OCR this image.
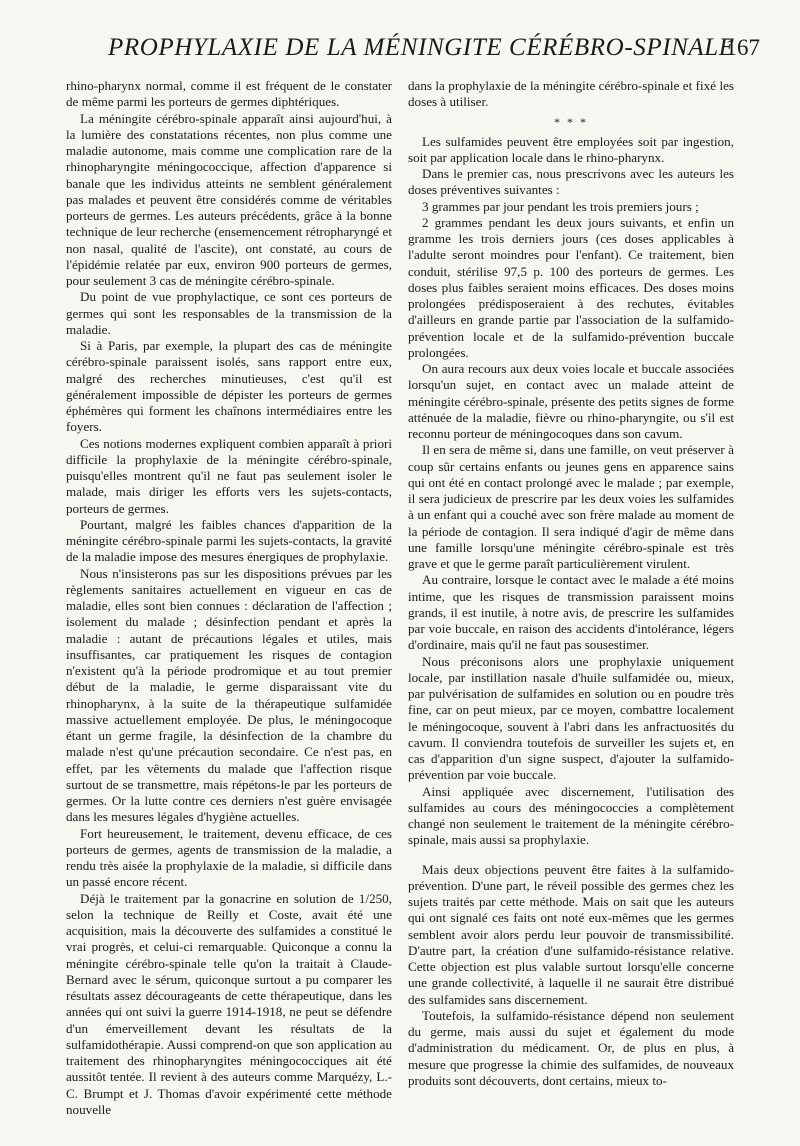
PROPHYLAXIE DE LA MÉNINGITE CÉRÉBRO-SPINALE
167

rhino-pharynx normal, comme il est fréquent de le constater de même parmi les porteurs de germes diphtériques.

La méningite cérébro-spinale apparaît ainsi aujourd'hui, à la lumière des constatations récentes, non plus comme une maladie autonome, mais comme une complication rare de la rhinopharyngite méningococcique, affection d'apparence si banale que les individus atteints ne semblent généralement pas malades et peuvent être considérés comme de véritables porteurs de germes. Les auteurs précédents, grâce à la bonne technique de leur recherche (ensemencement rétropharyngé et non nasal, qualité de l'ascite), ont constaté, au cours de l'épidémie relatée par eux, environ 900 porteurs de germes, pour seulement 3 cas de méningite cérébro-spinale.

Du point de vue prophylactique, ce sont ces porteurs de germes qui sont les responsables de la transmission de la maladie.

Si à Paris, par exemple, la plupart des cas de méningite cérébro-spinale paraissent isolés, sans rapport entre eux, malgré des recherches minutieuses, c'est qu'il est généralement impossible de dépister les porteurs de germes éphémères qui forment les chaînons intermédiaires entre les foyers.

Ces notions modernes expliquent combien apparaît à priori difficile la prophylaxie de la méningite cérébro-spinale, puisqu'elles montrent qu'il ne faut pas seulement isoler le malade, mais diriger les efforts vers les sujets-contacts, porteurs de germes.

Pourtant, malgré les faibles chances d'apparition de la méningite cérébro-spinale parmi les sujets-contacts, la gravité de la maladie impose des mesures énergiques de prophylaxie.

Nous n'insisterons pas sur les dispositions prévues par les règlements sanitaires actuellement en vigueur en cas de maladie, elles sont bien connues : déclaration de l'affection ; isolement du malade ; désinfection pendant et après la maladie : autant de précautions légales et utiles, mais insuffisantes, car pratiquement les risques de contagion n'existent qu'à la période prodromique et au tout premier début de la maladie, le germe disparaissant vite du rhinopharynx, à la suite de la thérapeutique sulfamidée massive actuellement employée. De plus, le méningocoque étant un germe fragile, la désinfection de la chambre du malade n'est qu'une précaution secondaire. Ce n'est pas, en effet, par les vêtements du malade que l'affection risque surtout de se transmettre, mais répétons-le par les porteurs de germes. Or la lutte contre ces derniers n'est guère envisagée dans les mesures légales d'hygiène actuelles.

Fort heureusement, le traitement, devenu efficace, de ces porteurs de germes, agents de transmission de la maladie, a rendu très aisée la prophylaxie de la maladie, si difficile dans un passé encore récent.

Déjà le traitement par la gonacrine en solution de 1/250, selon la technique de Reilly et Coste, avait été une acquisition, mais la découverte des sulfamides a constitué le vrai progrès, et celui-ci remarquable. Quiconque a connu la méningite cérébro-spinale telle qu'on la traitait à Claude-Bernard avec le sérum, quiconque surtout a pu comparer les résultats assez décourageants de cette thérapeutique, dans les années qui ont suivi la guerre 1914-1918, ne peut se défendre d'un émerveillement devant les résultats de la sulfamidothérapie. Aussi comprend-on que son application au traitement des rhinopharyngites méningococciques ait été aussitôt tentée. Il revient à des auteurs comme Marquézy, L.-C. Brumpt et J. Thomas d'avoir expérimenté cette méthode nouvelle

dans la prophylaxie de la méningite cérébro-spinale et fixé les doses à utiliser.

* * *

Les sulfamides peuvent être employées soit par ingestion, soit par application locale dans le rhino-pharynx.

Dans le premier cas, nous prescrivons avec les auteurs les doses préventives suivantes :

3 grammes par jour pendant les trois premiers jours ;

2 grammes pendant les deux jours suivants, et enfin un gramme les trois derniers jours (ces doses applicables à l'adulte seront moindres pour l'enfant). Ce traitement, bien conduit, stérilise 97,5 p. 100 des porteurs de germes. Les doses plus faibles seraient moins efficaces. Des doses moins prolongées prédisposeraient à des rechutes, évitables d'ailleurs en grande partie par l'association de la sulfamido-prévention locale et de la sulfamido-prévention buccale prolongées.

On aura recours aux deux voies locale et buccale associées lorsqu'un sujet, en contact avec un malade atteint de méningite cérébro-spinale, présente des petits signes de forme atténuée de la maladie, fièvre ou rhino-pharyngite, ou s'il est reconnu porteur de méningocoques dans son cavum.

Il en sera de même si, dans une famille, on veut préserver à coup sûr certains enfants ou jeunes gens en apparence sains qui ont été en contact prolongé avec le malade ; par exemple, il sera judicieux de prescrire par les deux voies les sulfamides à un enfant qui a couché avec son frère malade au moment de la période de contagion. Il sera indiqué d'agir de même dans une famille lorsqu'une méningite cérébro-spinale est très grave et que le germe paraît particulièrement virulent.

Au contraire, lorsque le contact avec le malade a été moins intime, que les risques de transmission paraissent moins grands, il est inutile, à notre avis, de prescrire les sulfamides par voie buccale, en raison des accidents d'intolérance, légers d'ordinaire, mais qu'il ne faut pas sousestimer.

Nous préconisons alors une prophylaxie uniquement locale, par instillation nasale d'huile sulfamidée ou, mieux, par pulvérisation de sulfamides en solution ou en poudre très fine, car on peut mieux, par ce moyen, combattre localement le méningocoque, souvent à l'abri dans les anfractuosités du cavum. Il conviendra toutefois de surveiller les sujets et, en cas d'apparition d'un signe suspect, d'ajouter la sulfamido-prévention par voie buccale.

Ainsi appliquée avec discernement, l'utilisation des sulfamides au cours des méningococcies a complètement changé non seulement le traitement de la méningite cérébro-spinale, mais aussi sa prophylaxie.

Mais deux objections peuvent être faites à la sulfamido-prévention. D'une part, le réveil possible des germes chez les sujets traités par cette méthode. Mais on sait que les auteurs qui ont signalé ces faits ont noté eux-mêmes que les germes semblent avoir alors perdu leur pouvoir de transmissibilité. D'autre part, la création d'une sulfamido-résistance relative. Cette objection est plus valable surtout lorsqu'elle concerne une grande collectivité, à laquelle il ne saurait être distribué des sulfamides sans discernement.

Toutefois, la sulfamido-résistance dépend non seulement du germe, mais aussi du sujet et également du mode d'administration du médicament. Or, de plus en plus, à mesure que progresse la chimie des sulfamides, de nouveaux produits sont découverts, dont certains, mieux to-
